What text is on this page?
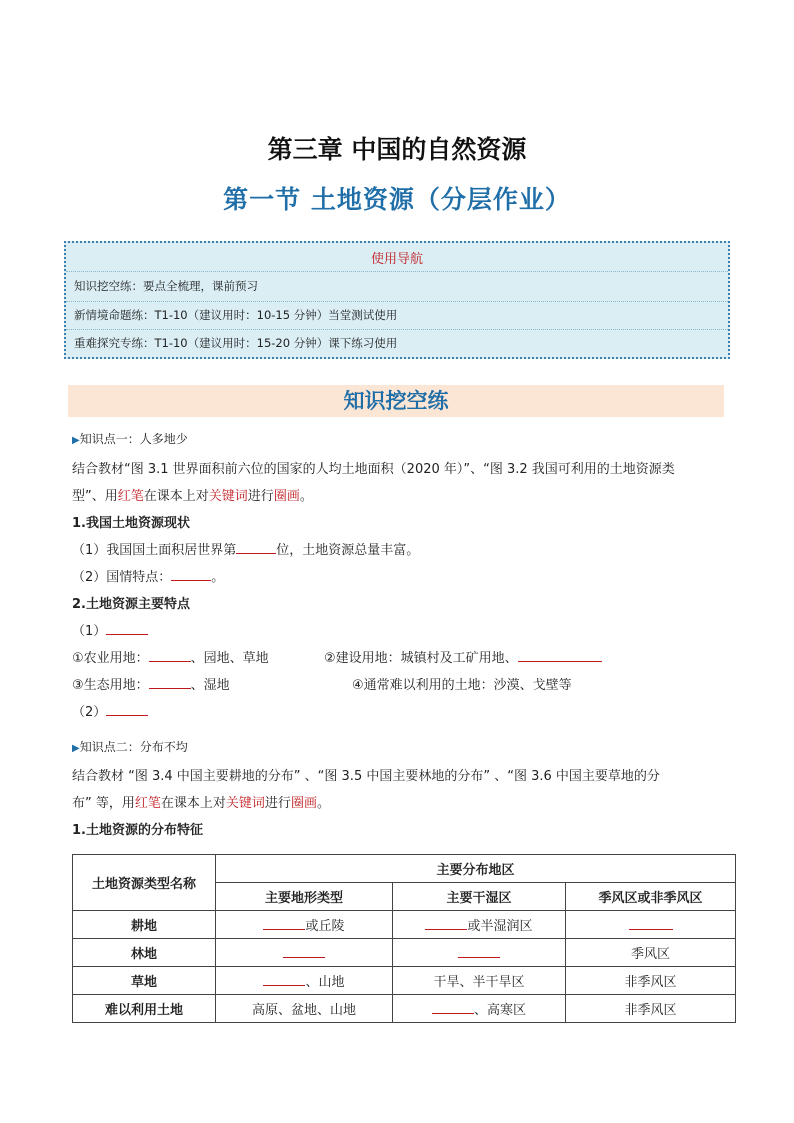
第三章 中国的自然资源
第一节 土地资源（分层作业）
使用导航
知识挖空练：要点全梳理，课前预习
新情境命题练：T1-10（建议用时：10-15 分钟）当堂测试使用
重难探究专练：T1-10（建议用时：15-20 分钟）课下练习使用
知识挖空练
▶知识点一：人多地少
结合教材“图 3.1 世界面积前六位的国家的人均土地面积（2020 年）”、“图 3.2 我国可利用的土地资源类
型”、用红笔在课本上对关键词进行圈画。
1.我国土地资源现状
（1）我国国土面积居世界第	位，土地资源总量丰富。
（2）国情特点：	。
2.土地资源主要特点
（1）
①农业用地：	、园地、草地	②建设用地：城镇村及工矿用地、
③生态用地：	、湿地	④通常难以利用的土地：沙漠、戈壁等
（2）
▶知识点二：分布不均
结合教材 “图 3.4 中国主要耕地的分布” 、“图 3.5 中国主要林地的分布” 、“图 3.6 中国主要草地的分
布” 等，用红笔在课本上对关键词进行圈画。
1.土地资源的分布特征
土地资源类型名称	主要分布地区		
	主要地形类型	主要干湿区	季风区或非季风区
耕地	或丘陵	或半湿润区	
林地			季风区
草地	、山地	干旱、半干旱区	非季风区
难以利用土地	高原、盆地、山地	、高寒区	非季风区
